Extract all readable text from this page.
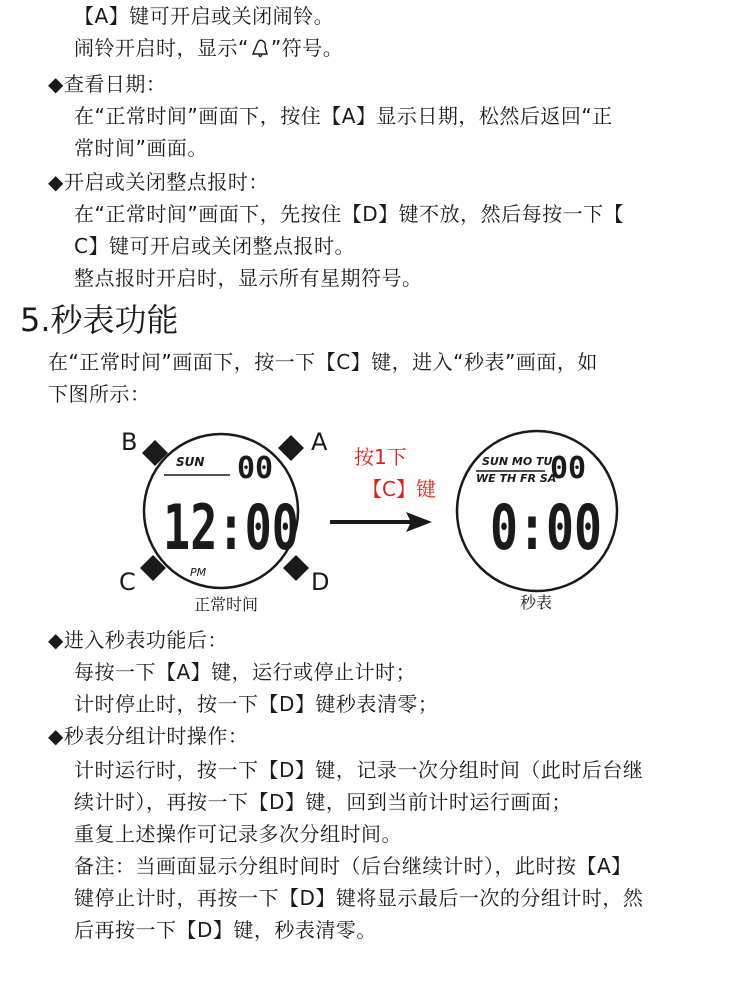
【A】键可开启或关闭闹铃。
闹铃开启时，显示“ ”符号。
◆查看日期：
在“正常时间”画面下，按住【A】显示日期，松然后返回“正
常时间”画面。
◆开启或关闭整点报时：
在“正常时间”画面下，先按住【D】键不放，然后每按一下【
C】键可开启或关闭整点报时。
整点报时开启时，显示所有星期符号。
5.秒表功能
在“正常时间”画面下，按一下【C】键，进入“秒表”画面，如
下图所示：
B	A
C	D
SUN 00
12:00
PM
正常时间
按1下
【C】键
SUN MO TU
WE TH FR SA
00
0:00
秒表
◆进入秒表功能后：
每按一下【A】键，运行或停止计时；
计时停止时，按一下【D】键秒表清零；
◆秒表分组计时操作：
计时运行时，按一下【D】键，记录一次分组时间（此时后台继
续计时），再按一下【D】键，回到当前计时运行画面；
重复上述操作可记录多次分组时间。
备注：当画面显示分组时间时（后台继续计时），此时按【A】
键停止计时，再按一下【D】键将显示最后一次的分组计时，然
后再按一下【D】键，秒表清零。
